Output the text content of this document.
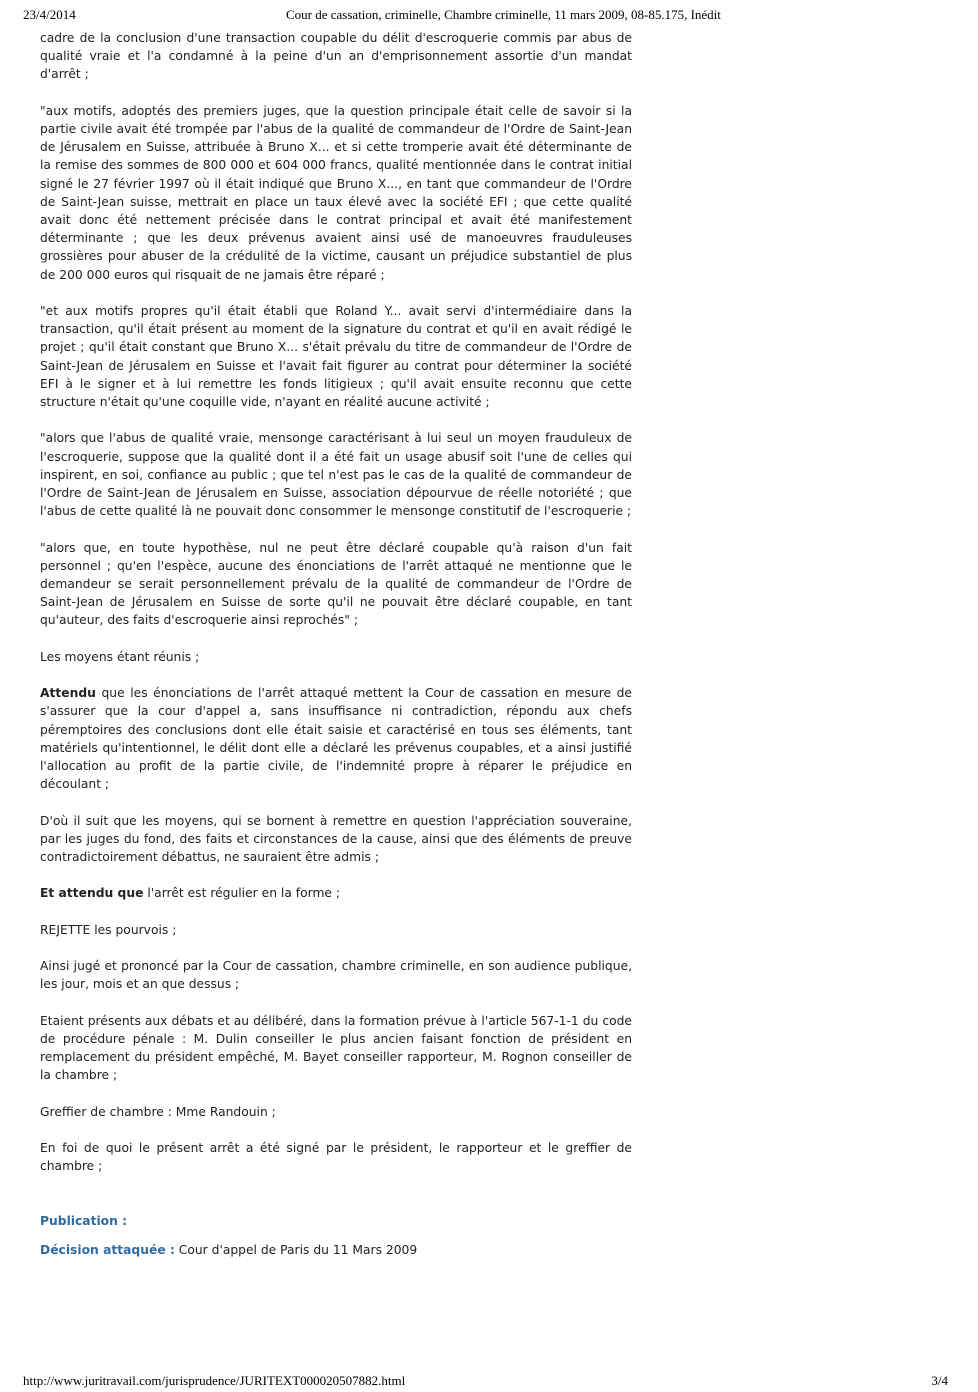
23/4/2014	Cour de cassation, criminelle, Chambre criminelle, 11 mars 2009, 08-85.175, Inédit

cadre de la conclusion d'une transaction coupable du délit d'escroquerie commis par abus de qualité vraie et l'a condamné à la peine d'un an d'emprisonnement assortie d'un mandat d'arrêt ;

"aux motifs, adoptés des premiers juges, que la question principale était celle de savoir si la partie civile avait été trompée par l'abus de la qualité de commandeur de l'Ordre de Saint-Jean de Jérusalem en Suisse, attribuée à Bruno X... et si cette tromperie avait été déterminante de la remise des sommes de 800 000 et 604 000 francs, qualité mentionnée dans le contrat initial signé le 27 février 1997 où il était indiqué que Bruno X..., en tant que commandeur de l'Ordre de Saint-Jean suisse, mettrait en place un taux élevé avec la société EFI ; que cette qualité avait donc été nettement précisée dans le contrat principal et avait été manifestement déterminante ; que les deux prévenus avaient ainsi usé de manoeuvres frauduleuses grossières pour abuser de la crédulité de la victime, causant un préjudice substantiel de plus de 200 000 euros qui risquait de ne jamais être réparé ;

"et aux motifs propres qu'il était établi que Roland Y... avait servi d'intermédiaire dans la transaction, qu'il était présent au moment de la signature du contrat et qu'il en avait rédigé le projet ; qu'il était constant que Bruno X... s'était prévalu du titre de commandeur de l'Ordre de Saint-Jean de Jérusalem en Suisse et l'avait fait figurer au contrat pour déterminer la société EFI à le signer et à lui remettre les fonds litigieux ; qu'il avait ensuite reconnu que cette structure n'était qu'une coquille vide, n'ayant en réalité aucune activité ;

"alors que l'abus de qualité vraie, mensonge caractérisant à lui seul un moyen frauduleux de l'escroquerie, suppose que la qualité dont il a été fait un usage abusif soit l'une de celles qui inspirent, en soi, confiance au public ; que tel n'est pas le cas de la qualité de commandeur de l'Ordre de Saint-Jean de Jérusalem en Suisse, association dépourvue de réelle notoriété ; que l'abus de cette qualité là ne pouvait donc consommer le mensonge constitutif de l'escroquerie ;

"alors que, en toute hypothèse, nul ne peut être déclaré coupable qu'à raison d'un fait personnel ; qu'en l'espèce, aucune des énonciations de l'arrêt attaqué ne mentionne que le demandeur se serait personnellement prévalu de la qualité de commandeur de l'Ordre de Saint-Jean de Jérusalem en Suisse de sorte qu'il ne pouvait être déclaré coupable, en tant qu'auteur, des faits d'escroquerie ainsi reprochés" ;

Les moyens étant réunis ;

Attendu que les énonciations de l'arrêt attaqué mettent la Cour de cassation en mesure de s'assurer que la cour d'appel a, sans insuffisance ni contradiction, répondu aux chefs péremptoires des conclusions dont elle était saisie et caractérisé en tous ses éléments, tant matériels qu'intentionnel, le délit dont elle a déclaré les prévenus coupables, et a ainsi justifié l'allocation au profit de la partie civile, de l'indemnité propre à réparer le préjudice en découlant ;

D'où il suit que les moyens, qui se bornent à remettre en question l'appréciation souveraine, par les juges du fond, des faits et circonstances de la cause, ainsi que des éléments de preuve contradictoirement débattus, ne sauraient être admis ;

Et attendu que l'arrêt est régulier en la forme ;

REJETTE les pourvois ;

Ainsi jugé et prononcé par la Cour de cassation, chambre criminelle, en son audience publique, les jour, mois et an que dessus ;

Etaient présents aux débats et au délibéré, dans la formation prévue à l'article 567-1-1 du code de procédure pénale : M. Dulin conseiller le plus ancien faisant fonction de président en remplacement du président empêché, M. Bayet conseiller rapporteur, M. Rognon conseiller de la chambre ;

Greffier de chambre : Mme Randouin ;

En foi de quoi le présent arrêt a été signé par le président, le rapporteur et le greffier de chambre ;

Publication :
Décision attaquée : Cour d'appel de Paris du 11 Mars 2009
http://www.juritravail.com/jurisprudence/JURITEXT000020507882.html	3/4
